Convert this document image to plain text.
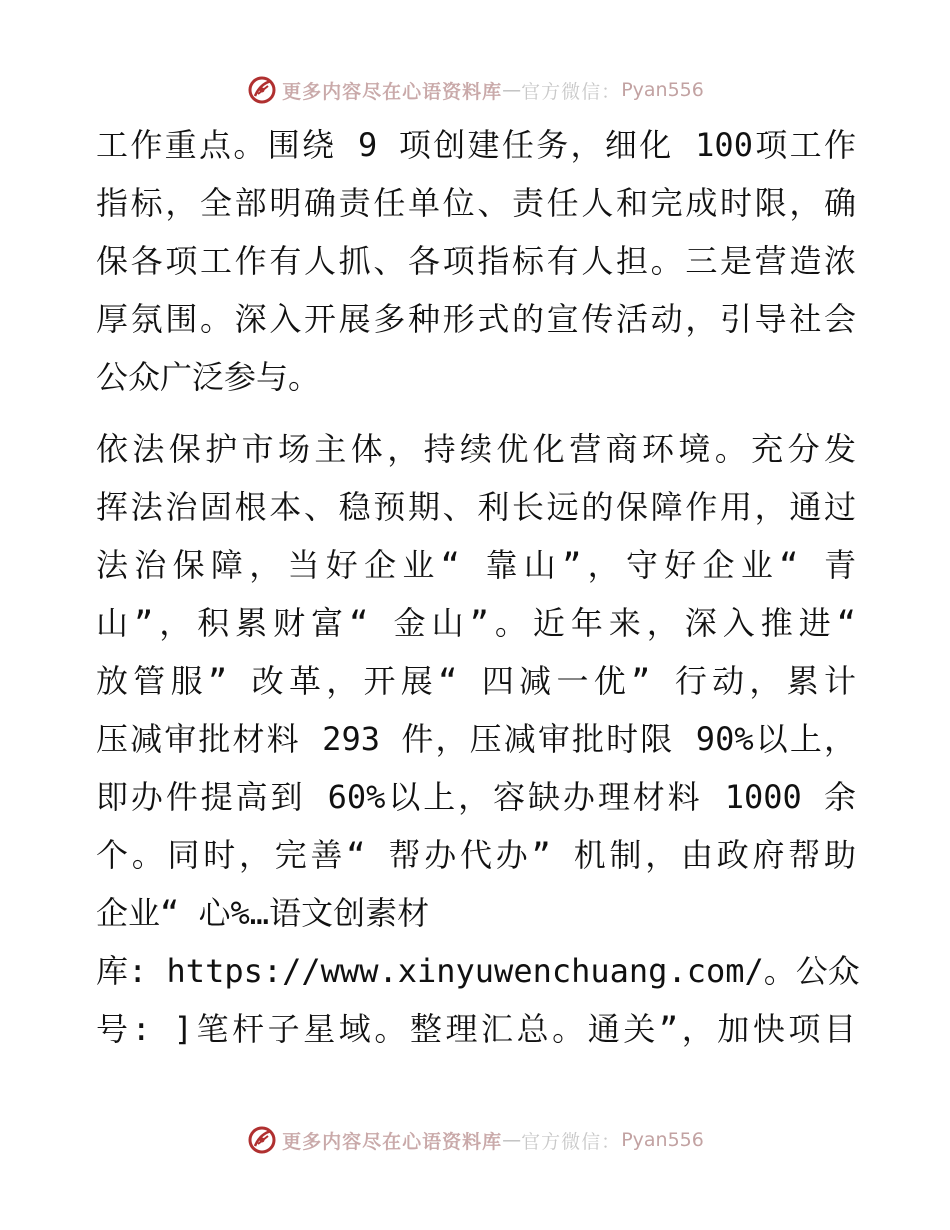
更多内容尽在心语资料库 — 官方微信： Pyan556
工作重点。围绕 9 项创建任务，细化 100项工作
指标，全部明确责任单位、责任人和完成时限，确
保各项工作有人抓、各项指标有人担。三是营造浓
厚氛围。深入开展多种形式的宣传活动，引导社会
公众广泛参与。
依法保护市场主体，持续优化营商环境。充分发
挥法治固根本、稳预期、利长远的保障作用，通过
法治保障，当好企业“ 靠山”，守好企业“ 青
山”，积累财富“ 金山”。近年来，深入推进“
放管服” 改革，开展“ 四减一优” 行动，累计
压减审批材料 293 件，压减审批时限 90%以上，
即办件提高到 60%以上，容缺办理材料 1000 余
个。同时，完善“ 帮办代办” 机制，由政府帮助
企业“ 心%…语文创素材
库: https://www.xinyuwenchuang.com/。公众
号: ]笔杆子星域。整理汇总。通关”，加快项目
更多内容尽在心语资料库 — 官方微信： Pyan556
